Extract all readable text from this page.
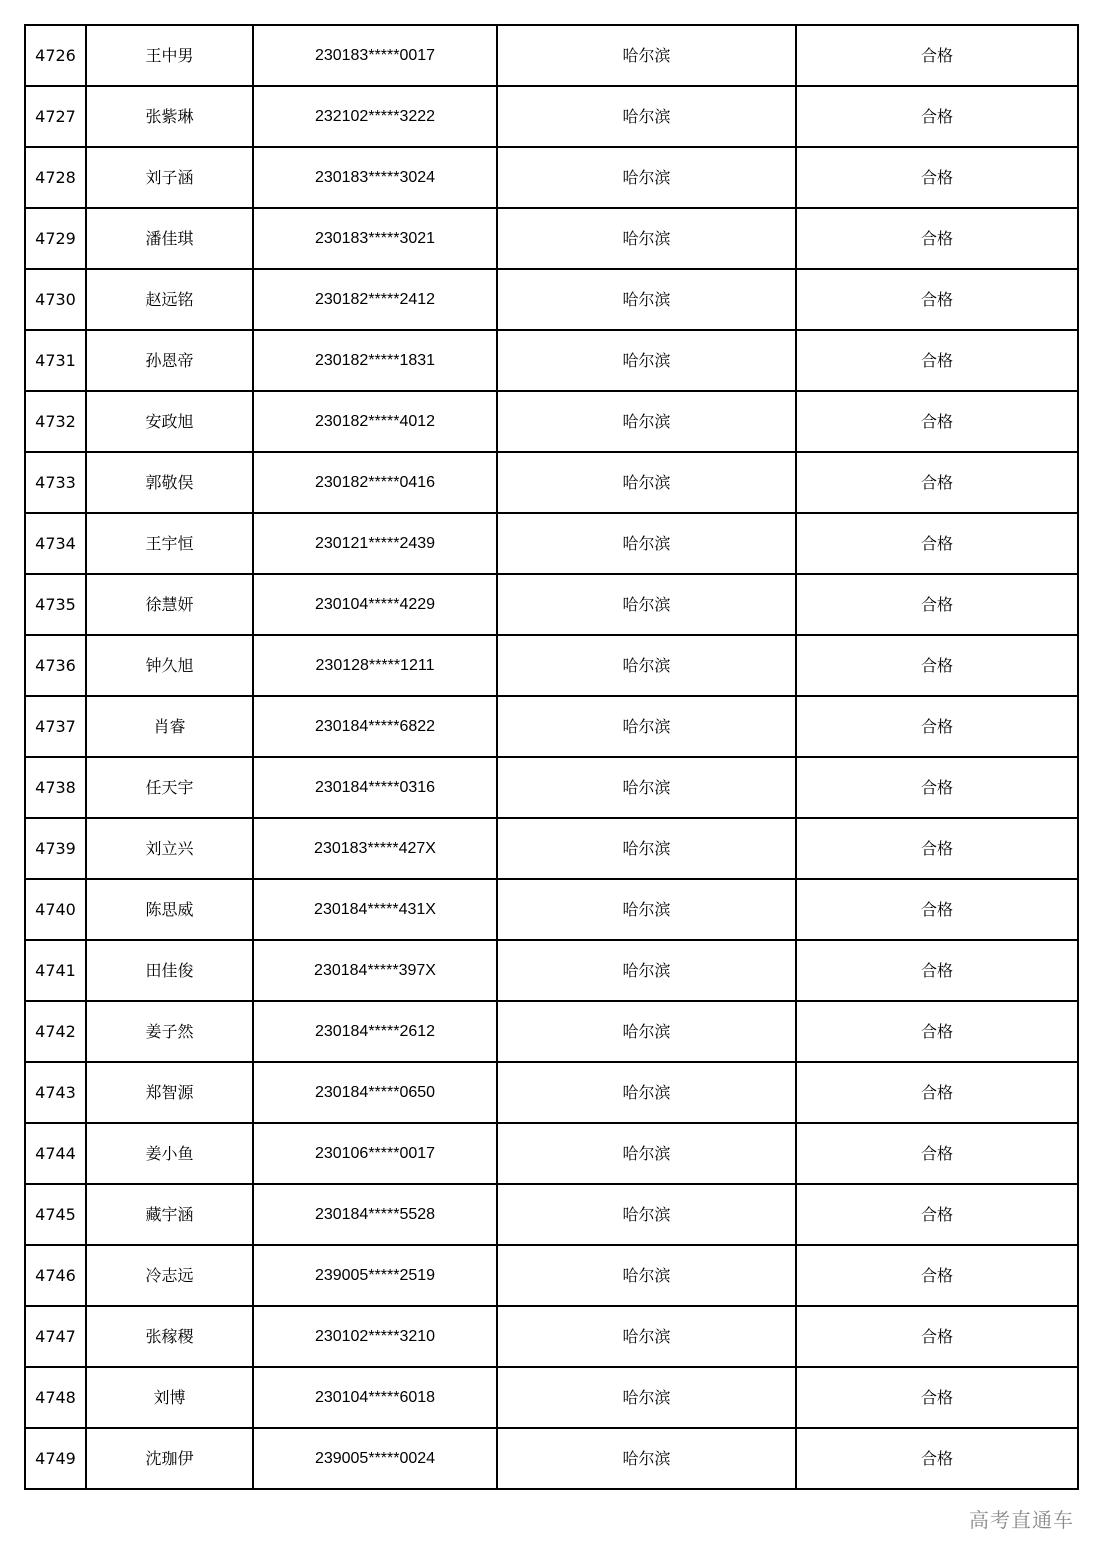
4726	王中男	230183*****0017	哈尔滨	合格
4727	张紫琳	232102*****3222	哈尔滨	合格
4728	刘子涵	230183*****3024	哈尔滨	合格
4729	潘佳琪	230183*****3021	哈尔滨	合格
4730	赵远铭	230182*****2412	哈尔滨	合格
4731	孙恩帝	230182*****1831	哈尔滨	合格
4732	安政旭	230182*****4012	哈尔滨	合格
4733	郭敬俣	230182*****0416	哈尔滨	合格
4734	王宇恒	230121*****2439	哈尔滨	合格
4735	徐慧妍	230104*****4229	哈尔滨	合格
4736	钟久旭	230128*****1211	哈尔滨	合格
4737	肖睿	230184*****6822	哈尔滨	合格
4738	任天宇	230184*****0316	哈尔滨	合格
4739	刘立兴	230183*****427X	哈尔滨	合格
4740	陈思威	230184*****431X	哈尔滨	合格
4741	田佳俊	230184*****397X	哈尔滨	合格
4742	姜子然	230184*****2612	哈尔滨	合格
4743	郑智源	230184*****0650	哈尔滨	合格
4744	姜小鱼	230106*****0017	哈尔滨	合格
4745	藏宇涵	230184*****5528	哈尔滨	合格
4746	冷志远	239005*****2519	哈尔滨	合格
4747	张稼稷	230102*****3210	哈尔滨	合格
4748	刘博	230104*****6018	哈尔滨	合格
4749	沈珈伊	239005*****0024	哈尔滨	合格
高考直通车
